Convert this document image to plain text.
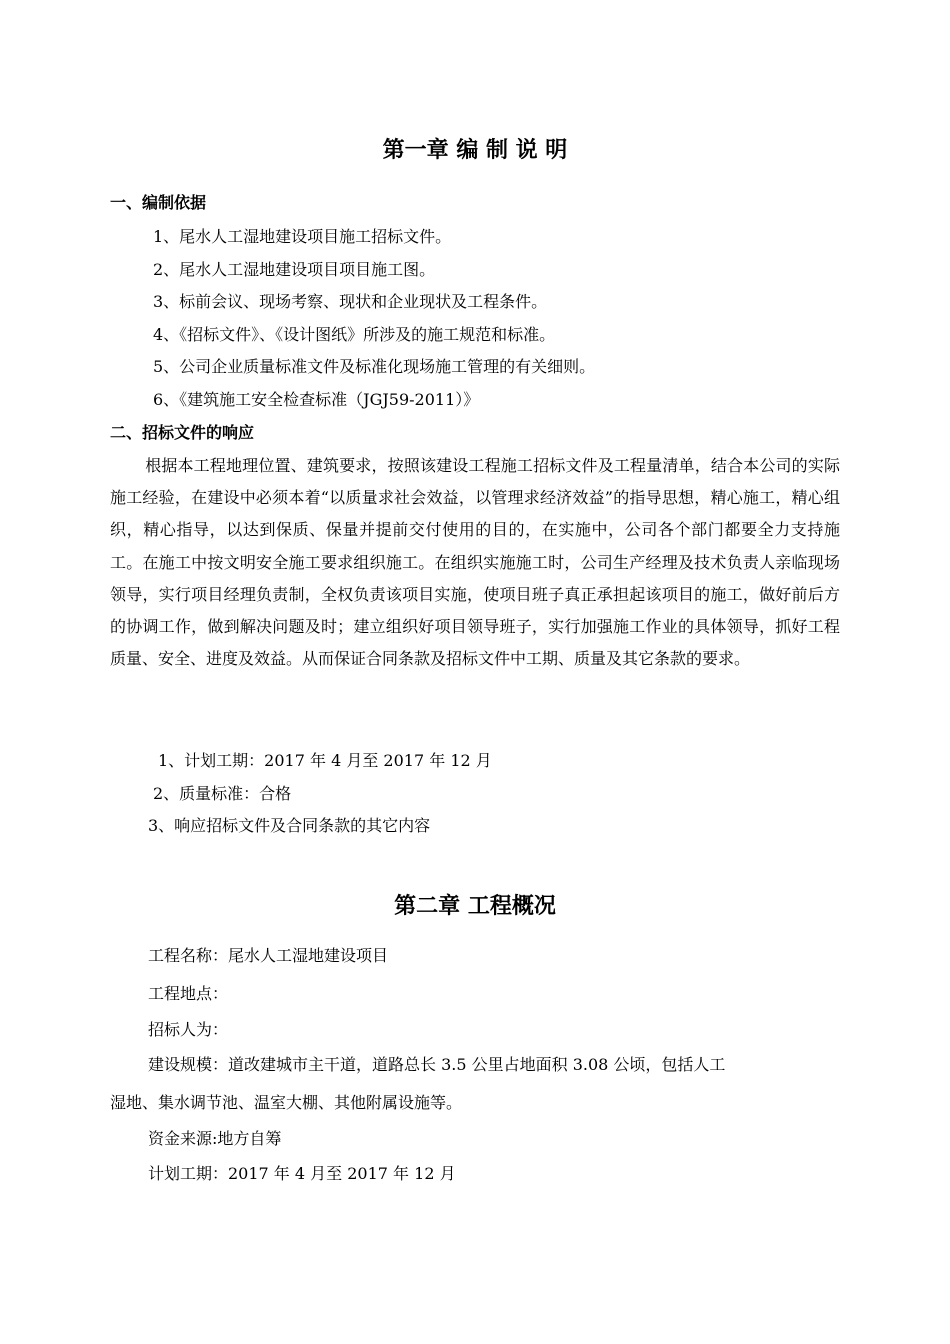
第一章 编 制 说 明
一、编制依据
1、尾水人工湿地建设项目施工招标文件。
2、尾水人工湿地建设项目项目施工图。
3、标前会议、现场考察、现状和企业现状及工程条件。
4、《招标文件》、《设计图纸》所涉及的施工规范和标准。
5、公司企业质量标准文件及标准化现场施工管理的有关细则。
6、《建筑施工安全检查标准（JGJ59-2011）》
二、招标文件的响应
根据本工程地理位置、建筑要求，按照该建设工程施工招标文件及工程量清单，结合本公司的实际施工经验，在建设中必须本着“以质量求社会效益，以管理求经济效益”的指导思想，精心施工，精心组织，精心指导，以达到保质、保量并提前交付使用的目的，在实施中，公司各个部门都要全力支持施工。在施工中按文明安全施工要求组织施工。在组织实施施工时，公司生产经理及技术负责人亲临现场领导，实行项目经理负责制，全权负责该项目实施，使项目班子真正承担起该项目的施工，做好前后方的协调工作，做到解决问题及时；建立组织好项目领导班子，实行加强施工作业的具体领导，抓好工程质量、安全、进度及效益。从而保证合同条款及招标文件中工期、质量及其它条款的要求。
1、计划工期：2017 年 4 月至 2017 年 12 月
2、质量标准：合格
3、响应招标文件及合同条款的其它内容
第二章 工程概况
工程名称：尾水人工湿地建设项目
工程地点：
招标人为：
建设规模：道改建城市主干道，道路总长 3.5 公里占地面积 3.08 公顷，包括人工
湿地、集水调节池、温室大棚、其他附属设施等。
资金来源:地方自筹
计划工期：2017 年 4 月至 2017 年 12 月
